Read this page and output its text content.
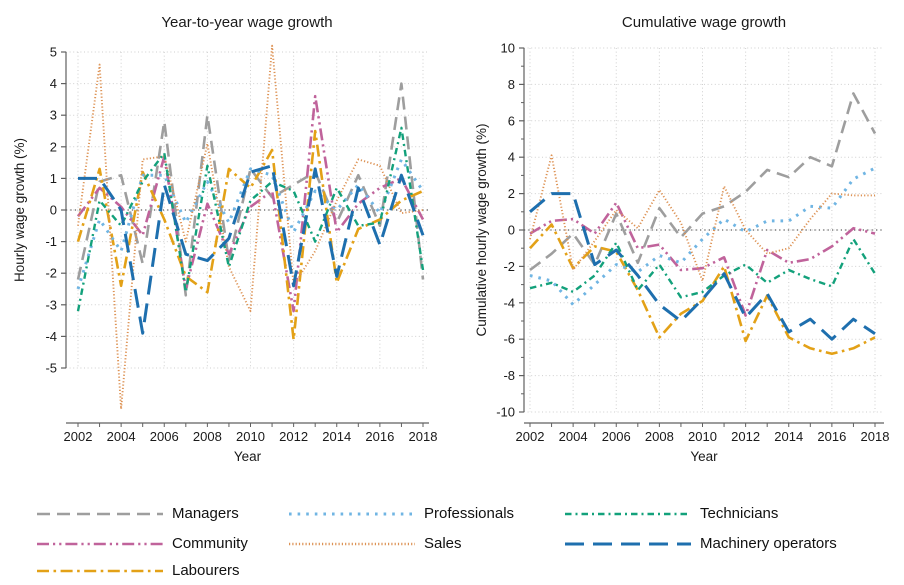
-5
-4
-3
-2
-1
0
1
2
3
4
5
2002 2004 2006 2008 2010 2012 2014 2016 2018
Year-to-year wage growth
Year
Hourly wage growth (%)
-10
-8
-6
-4
-2
0
2
4
6
8
10
2002 2004 2006 2008 2010 2012 2014 2016 2018
Cumulative wage growth
Year
Cumulative hourly wage growth (%)
Managers
Community
Labourers
Professionals
Sales
Technicians
Machinery operators
